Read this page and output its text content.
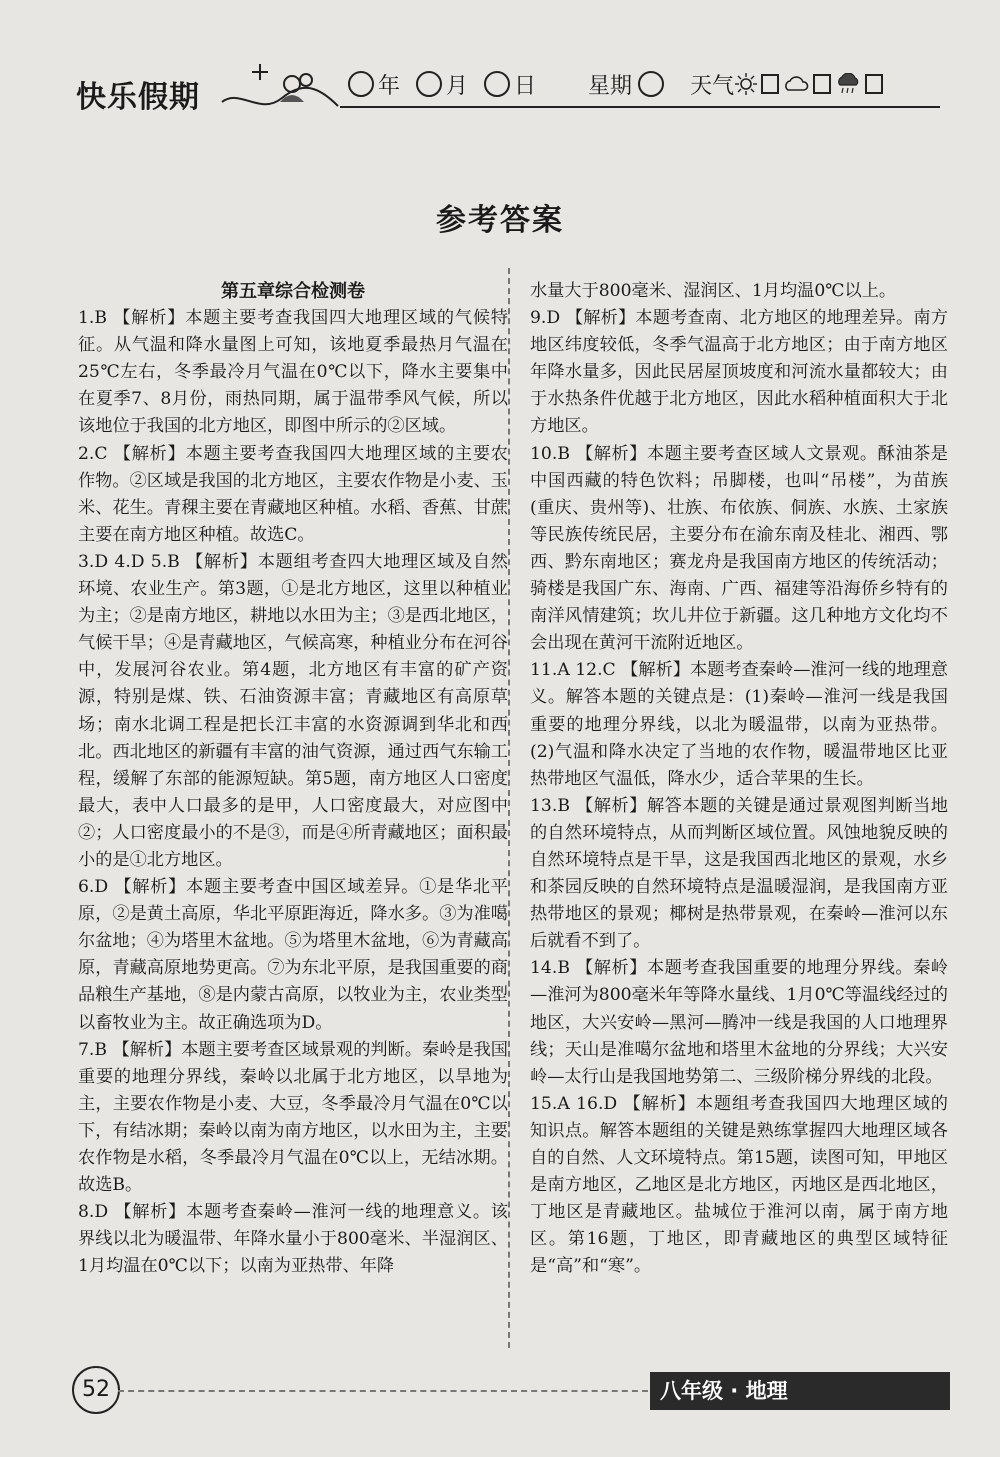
快乐假期	年 月 日 星期	天气
参考答案

第五章综合检测卷

1.B 【解析】本题主要考查我国四大地理区域的气候特征。从气温和降水量图上可知，该地夏季最热月气温在25℃左右，冬季最冷月气温在0℃以下，降水主要集中在夏季7、8月份，雨热同期，属于温带季风气候，所以该地位于我国的北方地区，即图中所示的②区域。

2.C 【解析】本题主要考查我国四大地理区域的主要农作物。②区域是我国的北方地区，主要农作物是小麦、玉米、花生。青稞主要在青藏地区种植。水稻、香蕉、甘蔗主要在南方地区种植。故选C。

3.D 4.D 5.B 【解析】本题组考查四大地理区域及自然环境、农业生产。第3题，①是北方地区，这里以种植业为主；②是南方地区，耕地以水田为主；③是西北地区，气候干旱；④是青藏地区，气候高寒，种植业分布在河谷中，发展河谷农业。第4题，北方地区有丰富的矿产资源，特别是煤、铁、石油资源丰富；青藏地区有高原草场；南水北调工程是把长江丰富的水资源调到华北和西北。西北地区的新疆有丰富的油气资源，通过西气东输工程，缓解了东部的能源短缺。第5题，南方地区人口密度最大，表中人口最多的是甲，人口密度最大，对应图中②；人口密度最小的不是③，而是④所青藏地区；面积最小的是①北方地区。

6.D 【解析】本题主要考查中国区域差异。①是华北平原，②是黄土高原，华北平原距海近，降水多。③为准噶尔盆地；④为塔里木盆地。⑤为塔里木盆地，⑥为青藏高原，青藏高原地势更高。⑦为东北平原，是我国重要的商品粮生产基地，⑧是内蒙古高原，以牧业为主，农业类型以畜牧业为主。故正确选项为D。

7.B 【解析】本题主要考查区域景观的判断。秦岭是我国重要的地理分界线，秦岭以北属于北方地区，以旱地为主，主要农作物是小麦、大豆，冬季最冷月气温在0℃以下，有结冰期；秦岭以南为南方地区，以水田为主，主要农作物是水稻，冬季最冷月气温在0℃以上，无结冰期。故选B。

8.D 【解析】本题考查秦岭—淮河一线的地理意义。该界线以北为暖温带、年降水量小于800毫米、半湿润区、1月均温在0℃以下；以南为亚热带、年降

水量大于800毫米、湿润区、1月均温0℃以上。

9.D 【解析】本题考查南、北方地区的地理差异。南方地区纬度较低，冬季气温高于北方地区；由于南方地区年降水量多，因此民居屋顶坡度和河流水量都较大；由于水热条件优越于北方地区，因此水稻种植面积大于北方地区。

10.B 【解析】本题主要考查区域人文景观。酥油茶是中国西藏的特色饮料；吊脚楼，也叫“吊楼”，为苗族(重庆、贵州等)、壮族、布依族、侗族、水族、土家族等民族传统民居，主要分布在渝东南及桂北、湘西、鄂西、黔东南地区；赛龙舟是我国南方地区的传统活动；骑楼是我国广东、海南、广西、福建等沿海侨乡特有的南洋风情建筑；坎儿井位于新疆。这几种地方文化均不会出现在黄河干流附近地区。

11.A 12.C 【解析】本题考查秦岭—淮河一线的地理意义。解答本题的关键点是：(1)秦岭—淮河一线是我国重要的地理分界线，以北为暖温带，以南为亚热带。(2)气温和降水决定了当地的农作物，暖温带地区比亚热带地区气温低，降水少，适合苹果的生长。

13.B 【解析】解答本题的关键是通过景观图判断当地的自然环境特点，从而判断区域位置。风蚀地貌反映的自然环境特点是干旱，这是我国西北地区的景观，水乡和茶园反映的自然环境特点是温暖湿润，是我国南方亚热带地区的景观；椰树是热带景观，在秦岭—淮河以东后就看不到了。

14.B 【解析】本题考查我国重要的地理分界线。秦岭—淮河为800毫米年等降水量线、1月0℃等温线经过的地区，大兴安岭—黑河—腾冲一线是我国的人口地理界线；天山是准噶尔盆地和塔里木盆地的分界线；大兴安岭—太行山是我国地势第二、三级阶梯分界线的北段。

15.A 16.D 【解析】本题组考查我国四大地理区域的知识点。解答本题组的关键是熟练掌握四大地理区域各自的自然、人文环境特点。第15题，读图可知，甲地区是南方地区，乙地区是北方地区，丙地区是西北地区，丁地区是青藏地区。盐城位于淮河以南，属于南方地区。第16题，丁地区，即青藏地区的典型区域特征是“高”和“寒”。

52	八年级 · 地理
